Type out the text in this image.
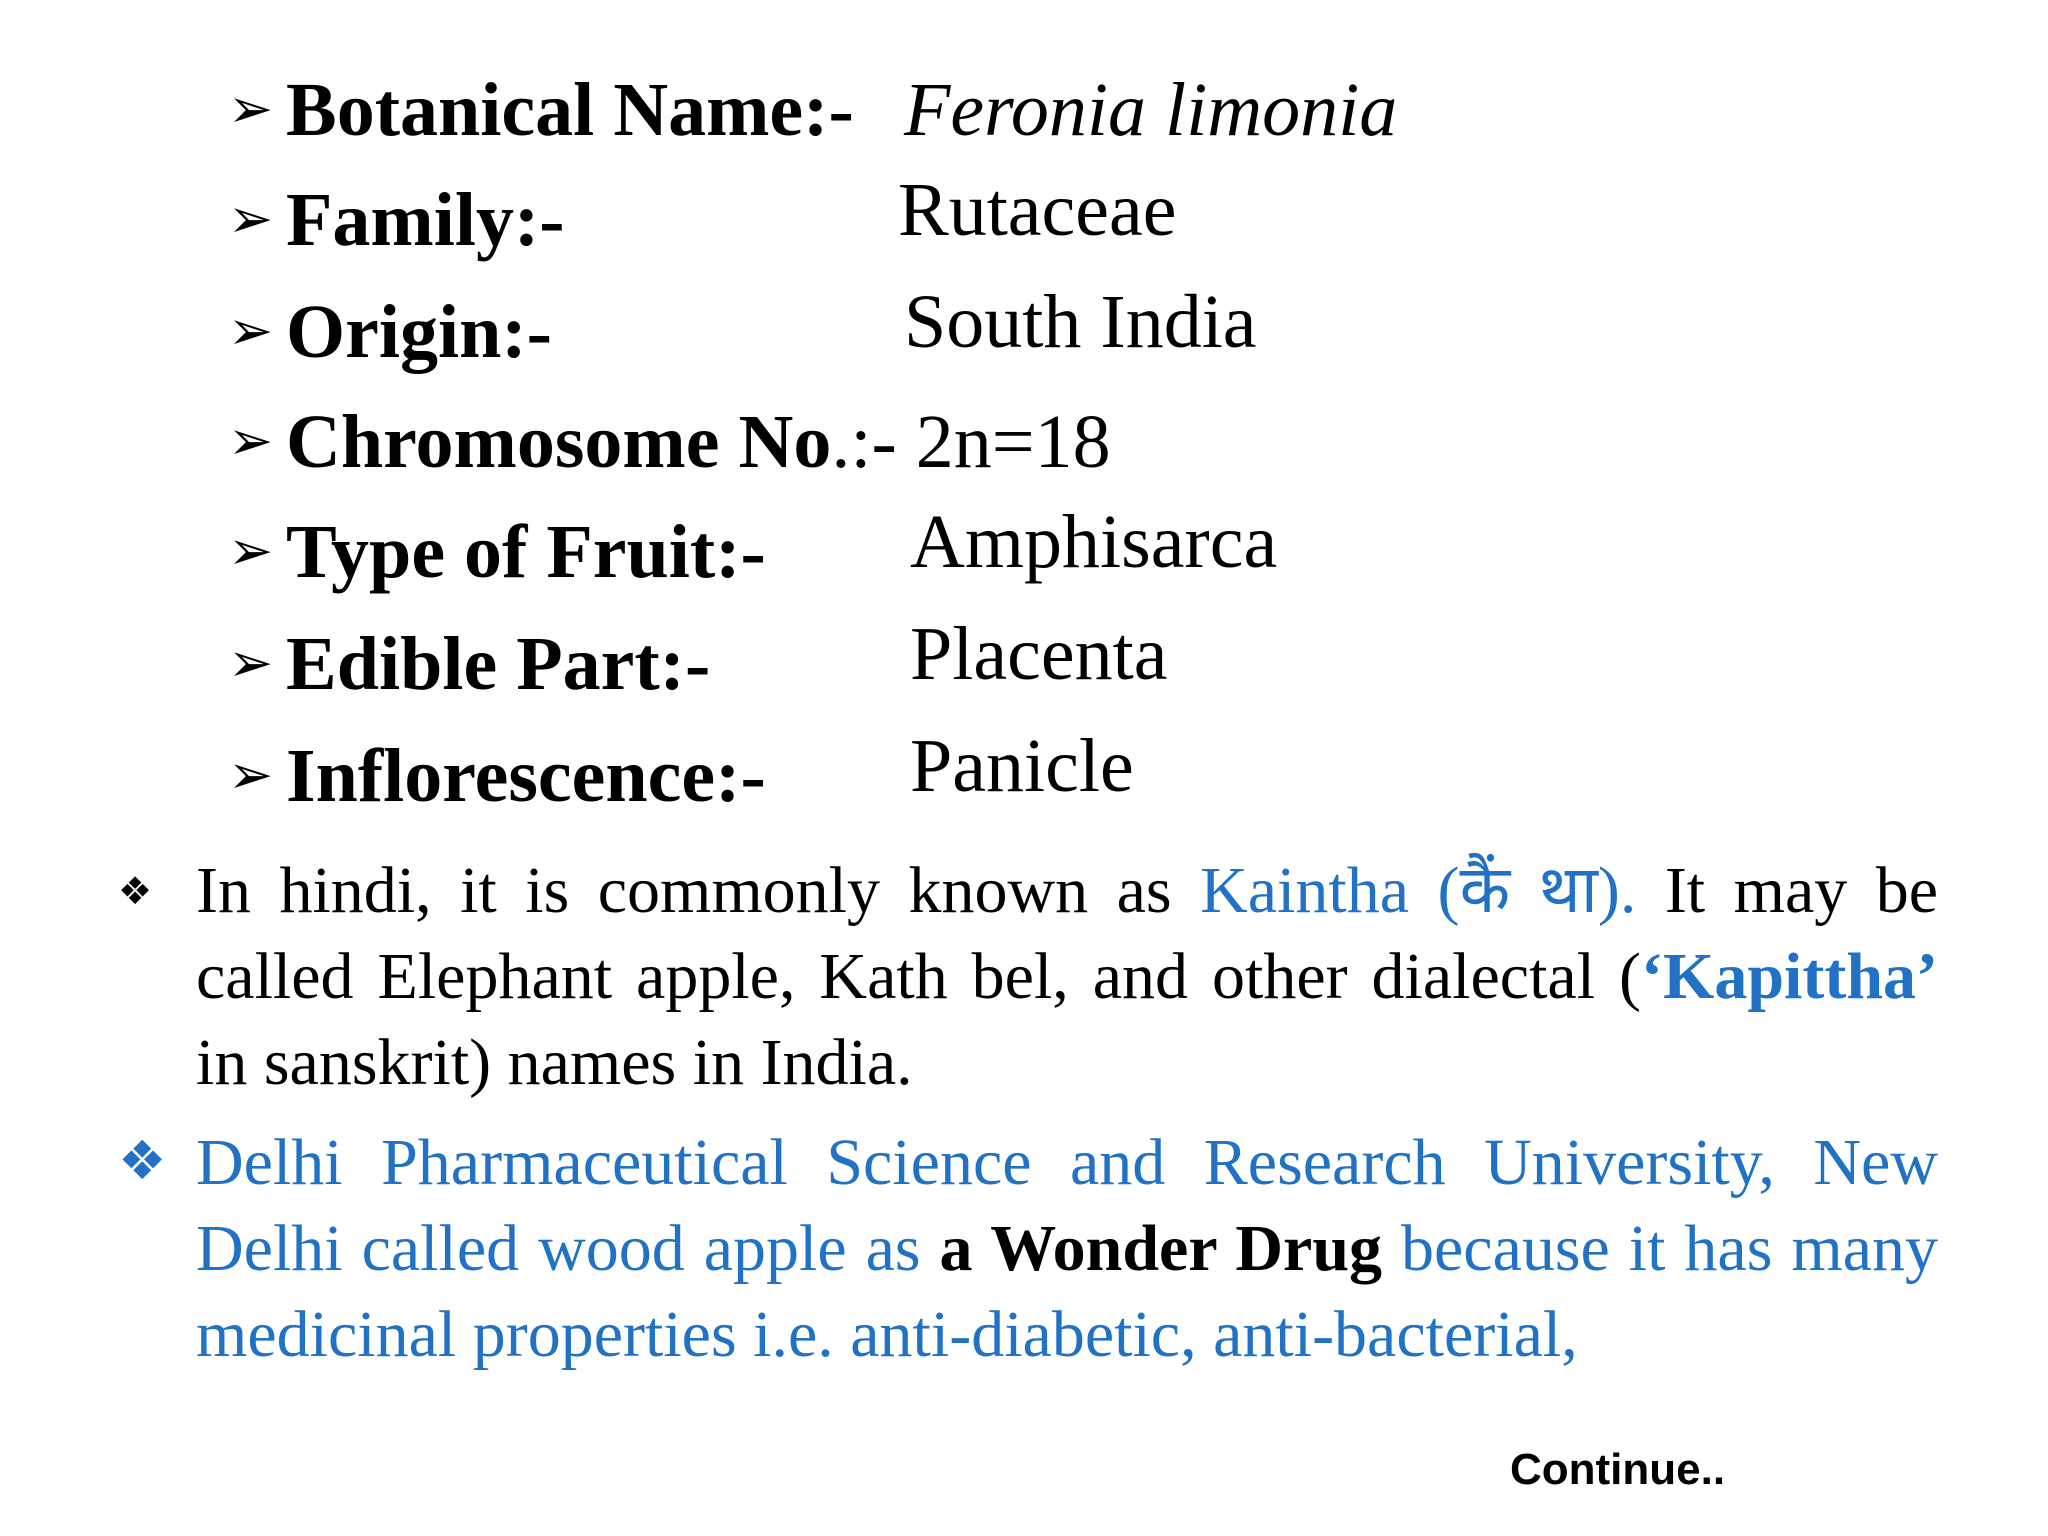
➢ Botanical Name:- Feronia limonia
➢ Family:-	Rutaceae
➢ Origin:-	South India
➢ Chromosome No.:- 2n=18
➢ Type of Fruit:- Amphisarca
➢ Edible Part:-	Placenta
➢ Inflorescence:- Panicle
❖ In hindi, it is commonly known as Kaintha (कैं था). It may be called Elephant apple, Kath bel, and other dialectal (‘Kapittha’ in sanskrit) names in India.
❖ Delhi Pharmaceutical Science and Research University, New Delhi called wood apple as a Wonder Drug because it has many medicinal properties i.e. anti-diabetic, anti-bacterial,
Continue..
